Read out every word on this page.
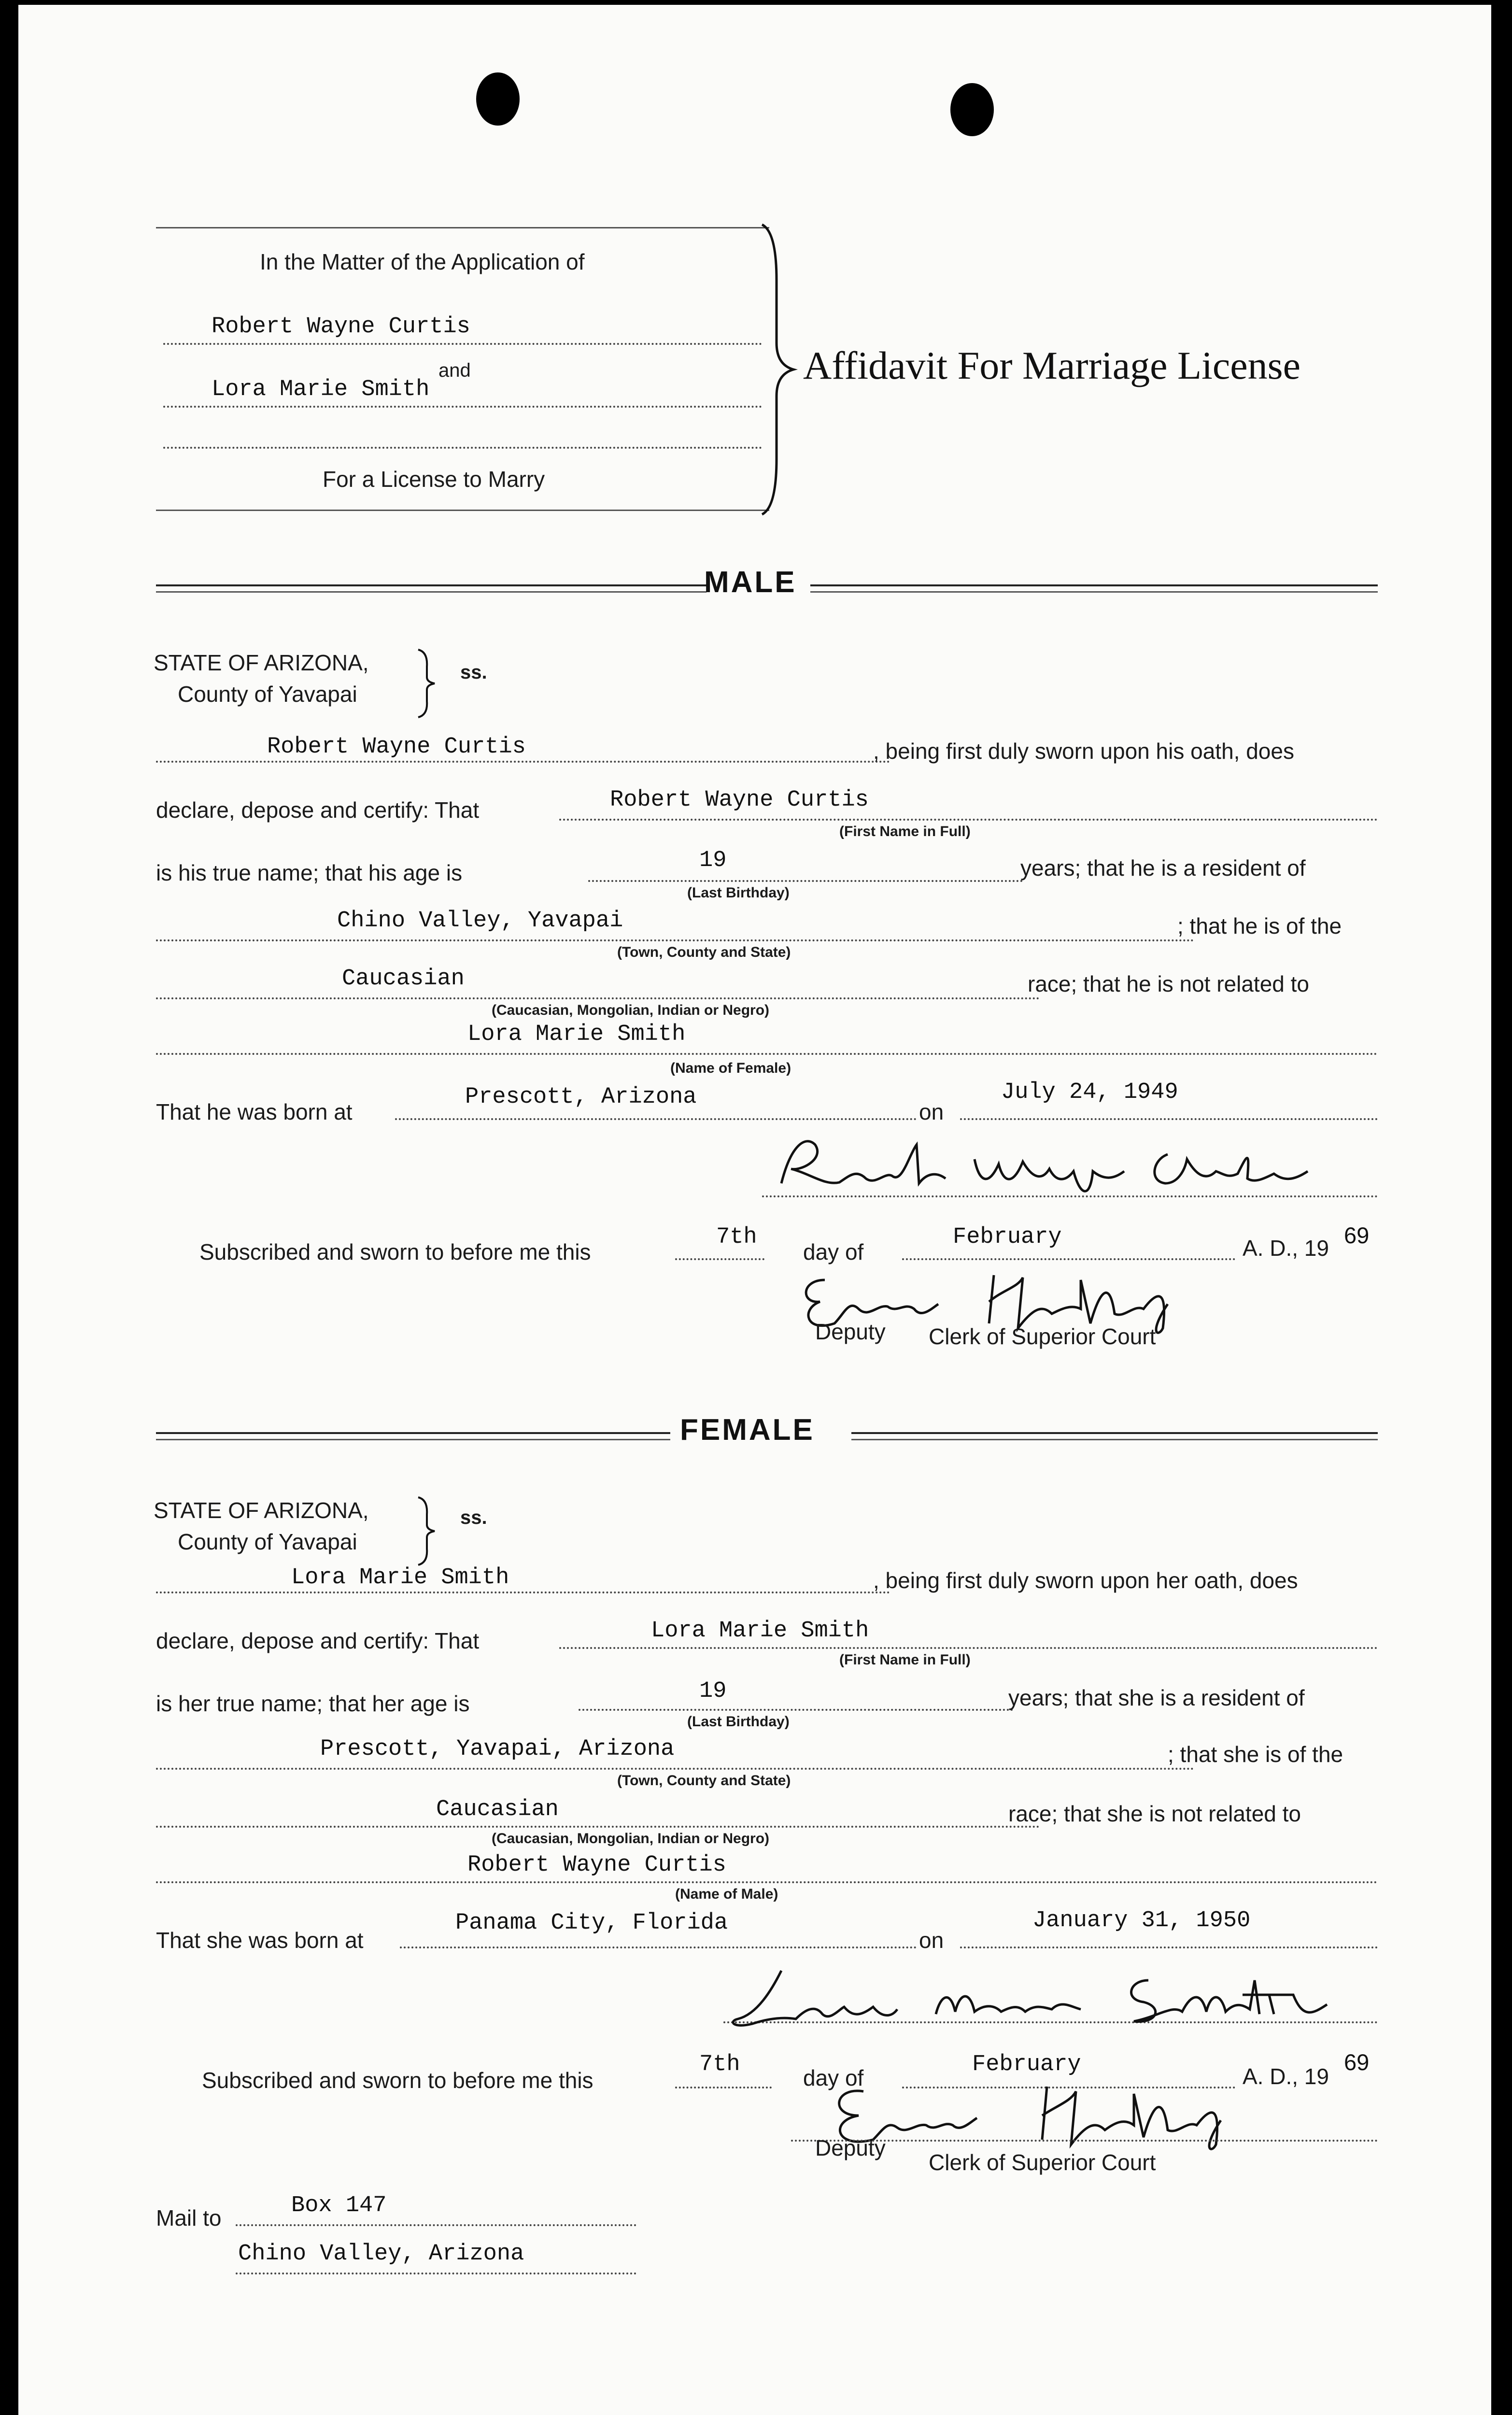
In the Matter of the Application of
Robert Wayne Curtis
and
Lora Marie Smith
For a License to Marry
Affidavit For Marriage License
MALE
STATE OF ARIZONA,
County of Yavapai
ss.
Robert Wayne Curtis	, being first duly sworn upon his oath, does
declare, depose and certify: That	Robert Wayne Curtis
(First Name in Full)
is his true name; that his age is	19
(Last Birthday)
years; that he is a resident of
Chino Valley, Yavapai	; that he is of the
(Town, County and State)
Caucasian	race; that he is not related to
(Caucasian, Mongolian, Indian or Negro)
Lora Marie Smith
(Name of Female)
That he was born at
Prescott, Arizona
on
July 24, 1949
Subscribed and sworn to before me this
7th
day of
February	A. D., 19 69
Deputy Clerk of Superior Court
FEMALE
STATE OF ARIZONA,
County of Yavapai
ss.
Lora Marie Smith	, being first duly sworn upon her oath, does
declare, depose and certify: That	Lora Marie Smith
(First Name in Full)
is her true name; that her age is	19
(Last Birthday)
years; that she is a resident of
Prescott, Yavapai, Arizona	; that she is of the
(Town, County and State)
Caucasian	race; that she is not related to
(Caucasian, Mongolian, Indian or Negro)
Robert Wayne Curtis
(Name of Male)
That she was born at
Panama City, Florida
on
January 31, 1950
Subscribed and sworn to before me this
7th
day of
February	A. D., 19
69
Deputy
Clerk of Superior Court
Mail to	Box 147
Chino Valley, Arizona
